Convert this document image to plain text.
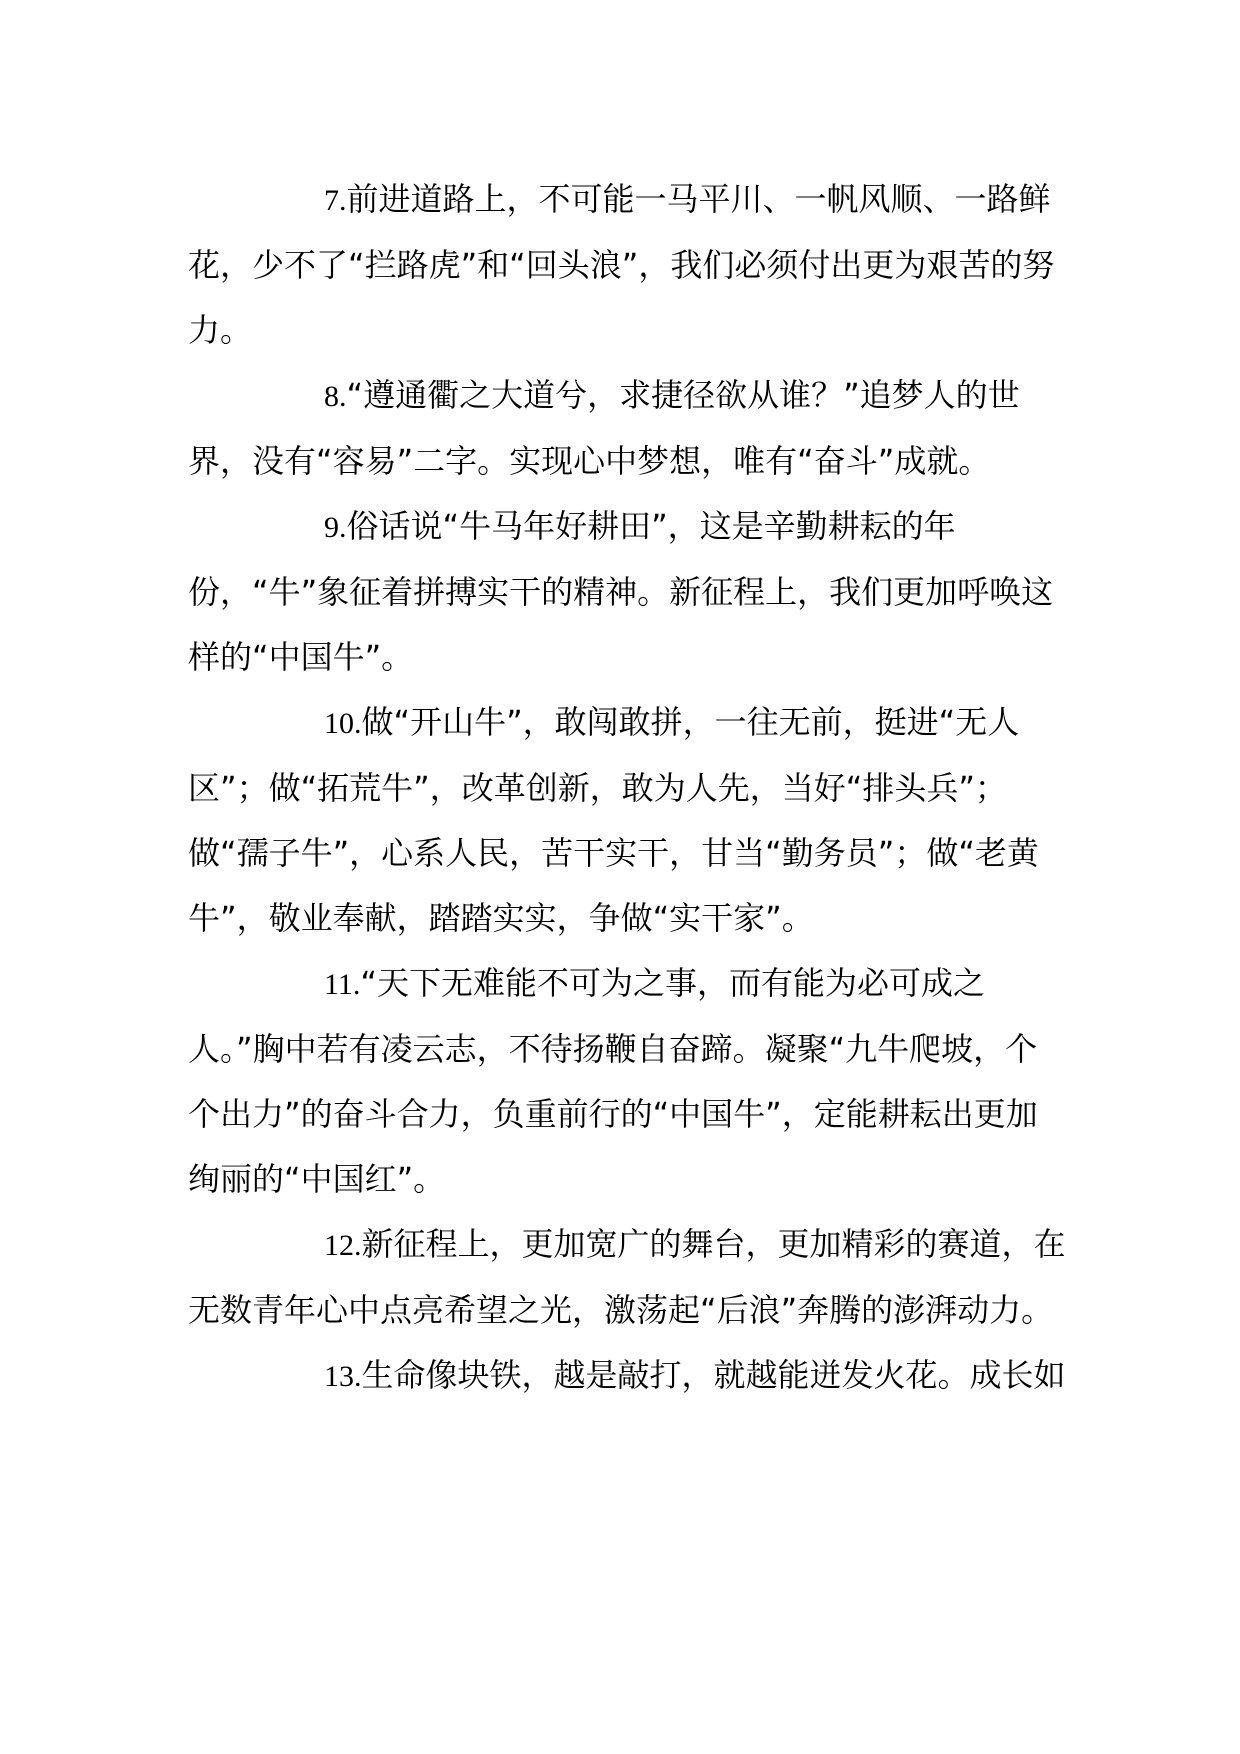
7.前进道路上，不可能一马平川、一帆风顺、一路鲜花，少不了“拦路虎”和“回头浪”，我们必须付出更为艰苦的努力。

8.“遵通衢之大道兮，求捷径欲从谁？”追梦人的世界，没有“容易”二字。实现心中梦想，唯有“奋斗”成就。

9.俗话说“牛马年好耕田”，这是辛勤耕耘的年份，“牛”象征着拼搏实干的精神。新征程上，我们更加呼唤这样的“中国牛”。

10.做“开山牛”，敢闯敢拼，一往无前，挺进“无人区”；做“拓荒牛”，改革创新，敢为人先，当好“排头兵”；做“孺子牛”，心系人民，苦干实干，甘当“勤务员”；做“老黄牛”，敬业奉献，踏踏实实，争做“实干家”。

11.“天下无难能不可为之事，而有能为必可成之人。”胸中若有凌云志，不待扬鞭自奋蹄。凝聚“九牛爬坡，个个出力”的奋斗合力，负重前行的“中国牛”，定能耕耘出更加绚丽的“中国红”。

12.新征程上，更加宽广的舞台，更加精彩的赛道，在无数青年心中点亮希望之光，激荡起“后浪”奔腾的澎湃动力。

13.生命像块铁，越是敲打，就越能迸发火花。成长如
